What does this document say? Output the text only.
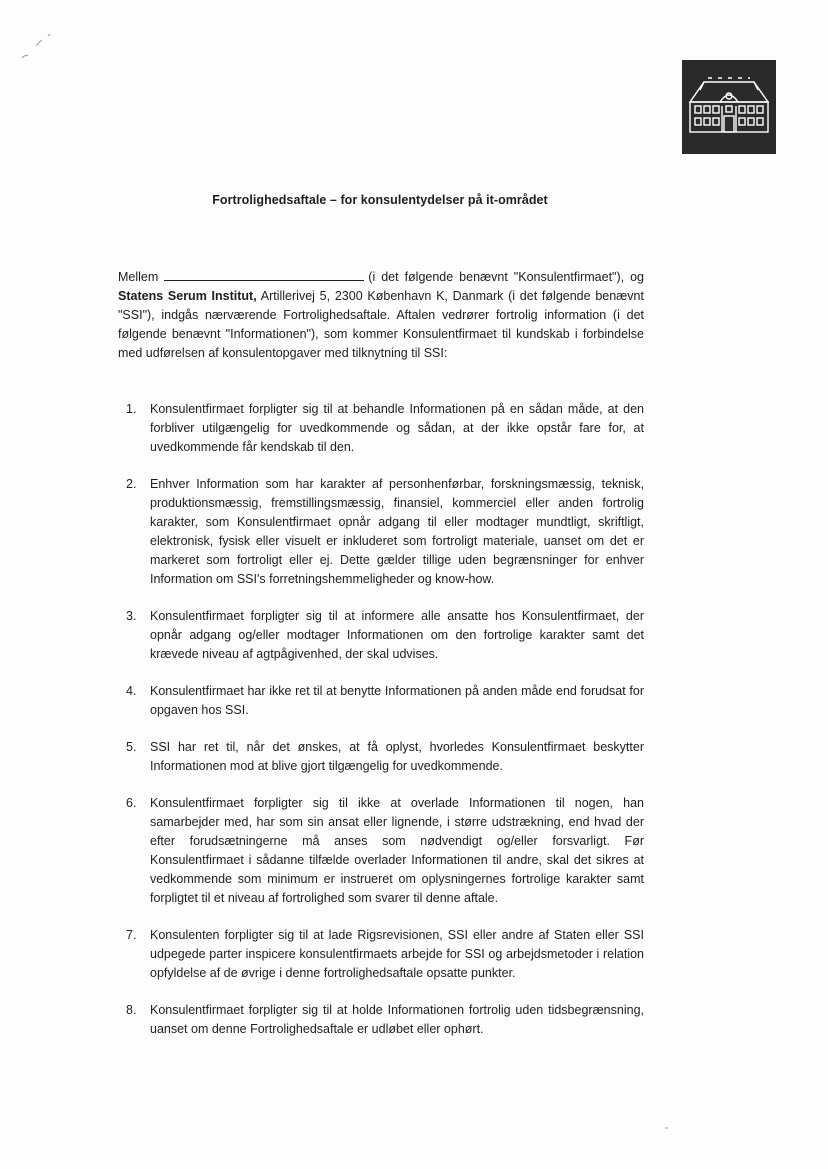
Fortrolighedsaftale – for konsulentydelser på it-området
Mellem	(i det følgende benævnt "Konsulentfirmaet"), og Statens Serum Institut, Artillerivej 5, 2300 København K, Danmark (i det følgende benævnt "SSI"), indgås nærværende Fortrolighedsaftale. Aftalen vedrører fortrolig information (i det følgende benævnt "Informationen"), som kommer Konsulentfirmaet til kundskab i forbindelse med udførelsen af konsulentopgaver med tilknytning til SSI:
1. Konsulentfirmaet forpligter sig til at behandle Informationen på en sådan måde, at den forbliver utilgængelig for uvedkommende og sådan, at der ikke opstår fare for, at uvedkommende får kendskab til den.
2. Enhver Information som har karakter af personhenførbar, forskningsmæssig, teknisk, produktionsmæssig, fremstillingsmæssig, finansiel, kommerciel eller anden fortrolig karakter, som Konsulentfirmaet opnår adgang til eller modtager mundtligt, skriftligt, elektronisk, fysisk eller visuelt er inkluderet som fortroligt materiale, uanset om det er markeret som fortroligt eller ej. Dette gælder tillige uden begrænsninger for enhver Information om SSI's forretningshemmeligheder og know-how.
3. Konsulentfirmaet forpligter sig til at informere alle ansatte hos Konsulentfirmaet, der opnår adgang og/eller modtager Informationen om den fortrolige karakter samt det krævede niveau af agtpågivenhed, der skal udvises.
4. Konsulentfirmaet har ikke ret til at benytte Informationen på anden måde end forudsat for opgaven hos SSI.
5. SSI har ret til, når det ønskes, at få oplyst, hvorledes Konsulentfirmaet beskytter Informationen mod at blive gjort tilgængelig for uvedkommende.
6. Konsulentfirmaet forpligter sig til ikke at overlade Informationen til nogen, han samarbejder med, har som sin ansat eller lignende, i større udstrækning, end hvad der efter forudsætningerne må anses som nødvendigt og/eller forsvarligt. Før Konsulentfirmaet i sådanne tilfælde overlader Informationen til andre, skal det sikres at vedkommende som minimum er instrueret om oplysningernes fortrolige karakter samt forpligtet til et niveau af fortrolighed som svarer til denne aftale.
7. Konsulenten forpligter sig til at lade Rigsrevisionen, SSI eller andre af Staten eller SSI udpegede parter inspicere konsulentfirmaets arbejde for SSI og arbejdsmetoder i relation opfyldelse af de øvrige i denne fortrolighedsaftale opsatte punkter.
8. Konsulentfirmaet forpligter sig til at holde Informationen fortrolig uden tidsbegrænsning, uanset om denne Fortrolighedsaftale er udløbet eller ophørt.
